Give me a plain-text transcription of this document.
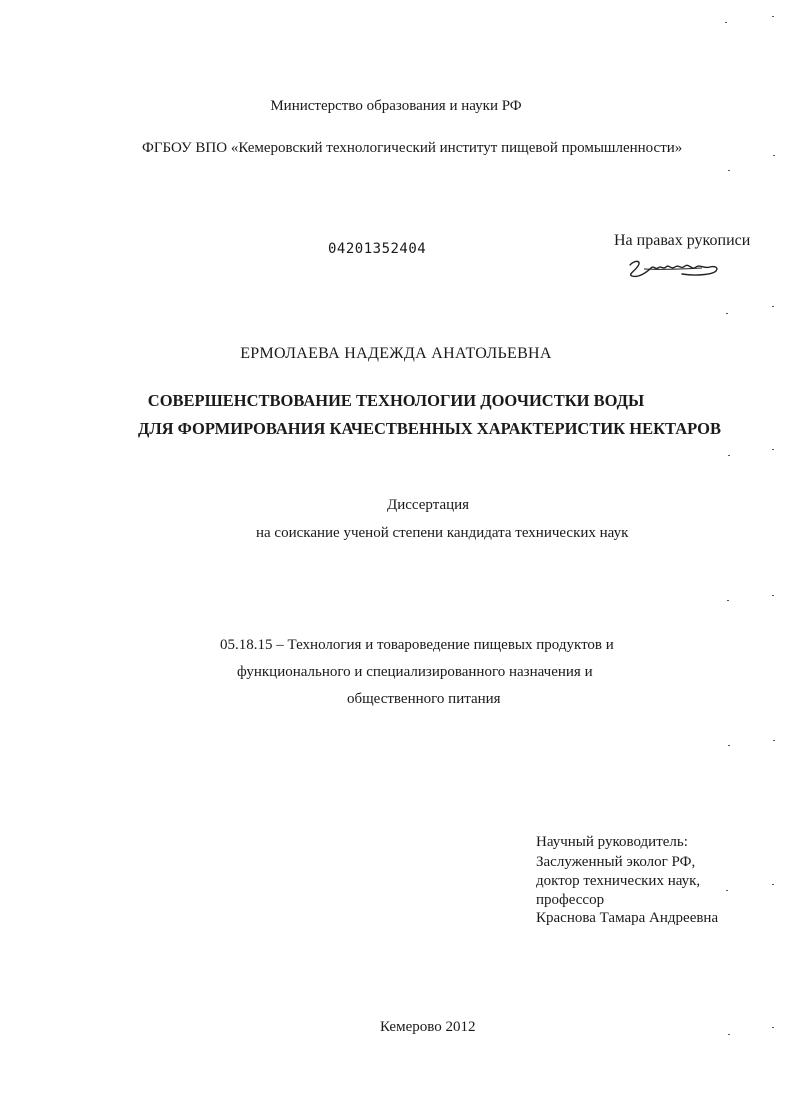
Министерство образования и науки РФ
ФГБОУ ВПО «Кемеровский технологический институт пищевой промышленности»
04201352404	На правах рукописи
ЕРМОЛАЕВА НАДЕЖДА АНАТОЛЬЕВНА
СОВЕРШЕНСТВОВАНИЕ ТЕХНОЛОГИИ ДООЧИСТКИ ВОДЫ
ДЛЯ ФОРМИРОВАНИЯ КАЧЕСТВЕННЫХ ХАРАКТЕРИСТИК НЕКТАРОВ
Диссертация
на соискание ученой степени кандидата технических наук
05.18.15 – Технология и товароведение пищевых продуктов и
функционального и специализированного назначения и
общественного питания
Научный руководитель:
Заслуженный эколог РФ,
доктор технических наук,
профессор
Краснова Тамара Андреевна
Кемерово 2012
